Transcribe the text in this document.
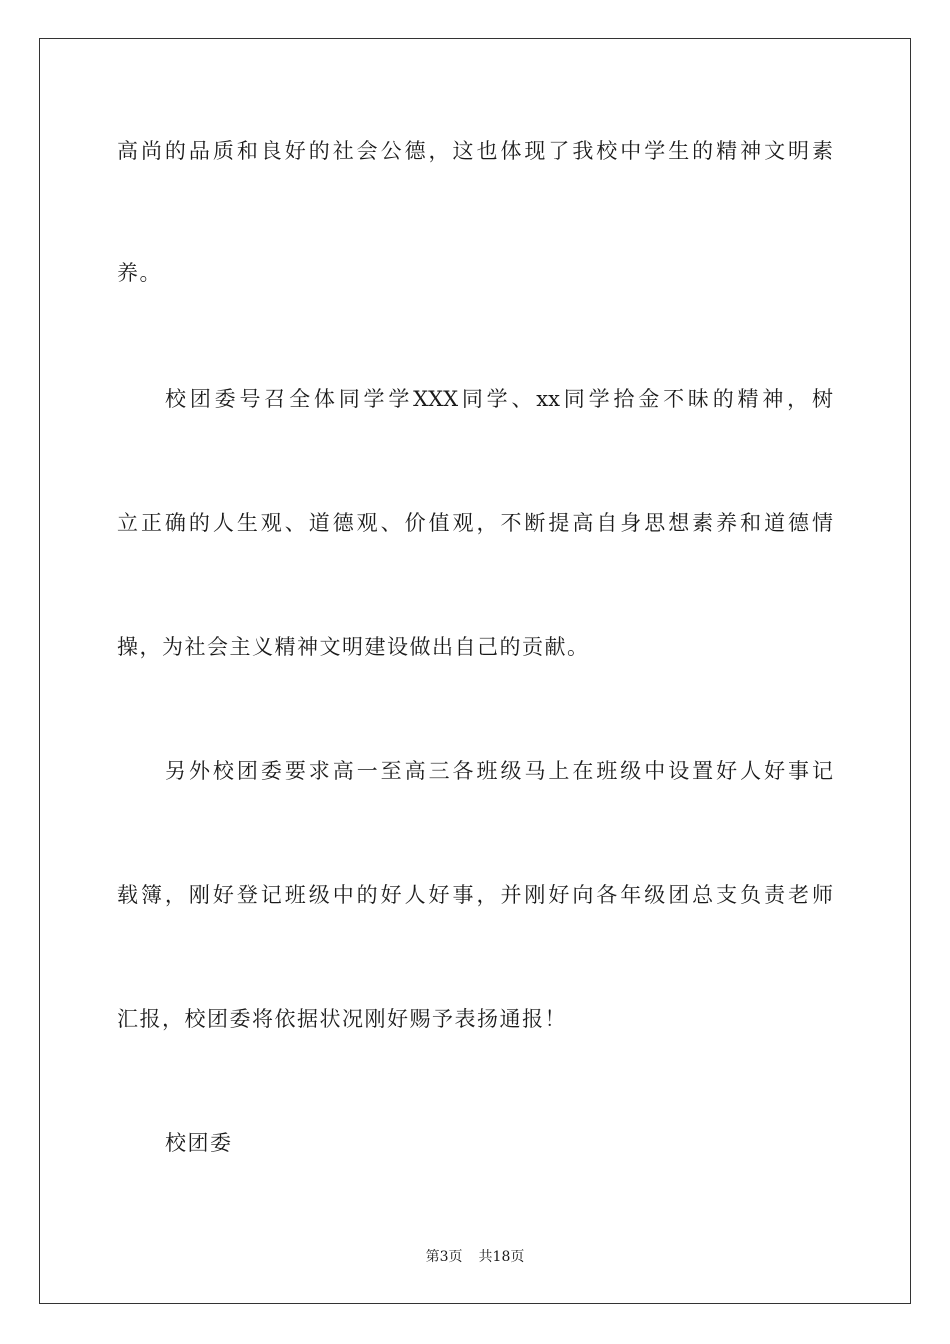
高尚的品质和良好的社会公德，这也体现了我校中学生的精神文明素
养。
校团委号召全体同学学XXX同学、xx同学拾金不昧的精神，树
立正确的人生观、道德观、价值观，不断提高自身思想素养和道德情
操，为社会主义精神文明建设做出自己的贡献。
另外校团委要求高一至高三各班级马上在班级中设置好人好事记
载簿，刚好登记班级中的好人好事，并刚好向各年级团总支负责老师
汇报，校团委将依据状况刚好赐予表扬通报！
校团委
第3页 共18页
